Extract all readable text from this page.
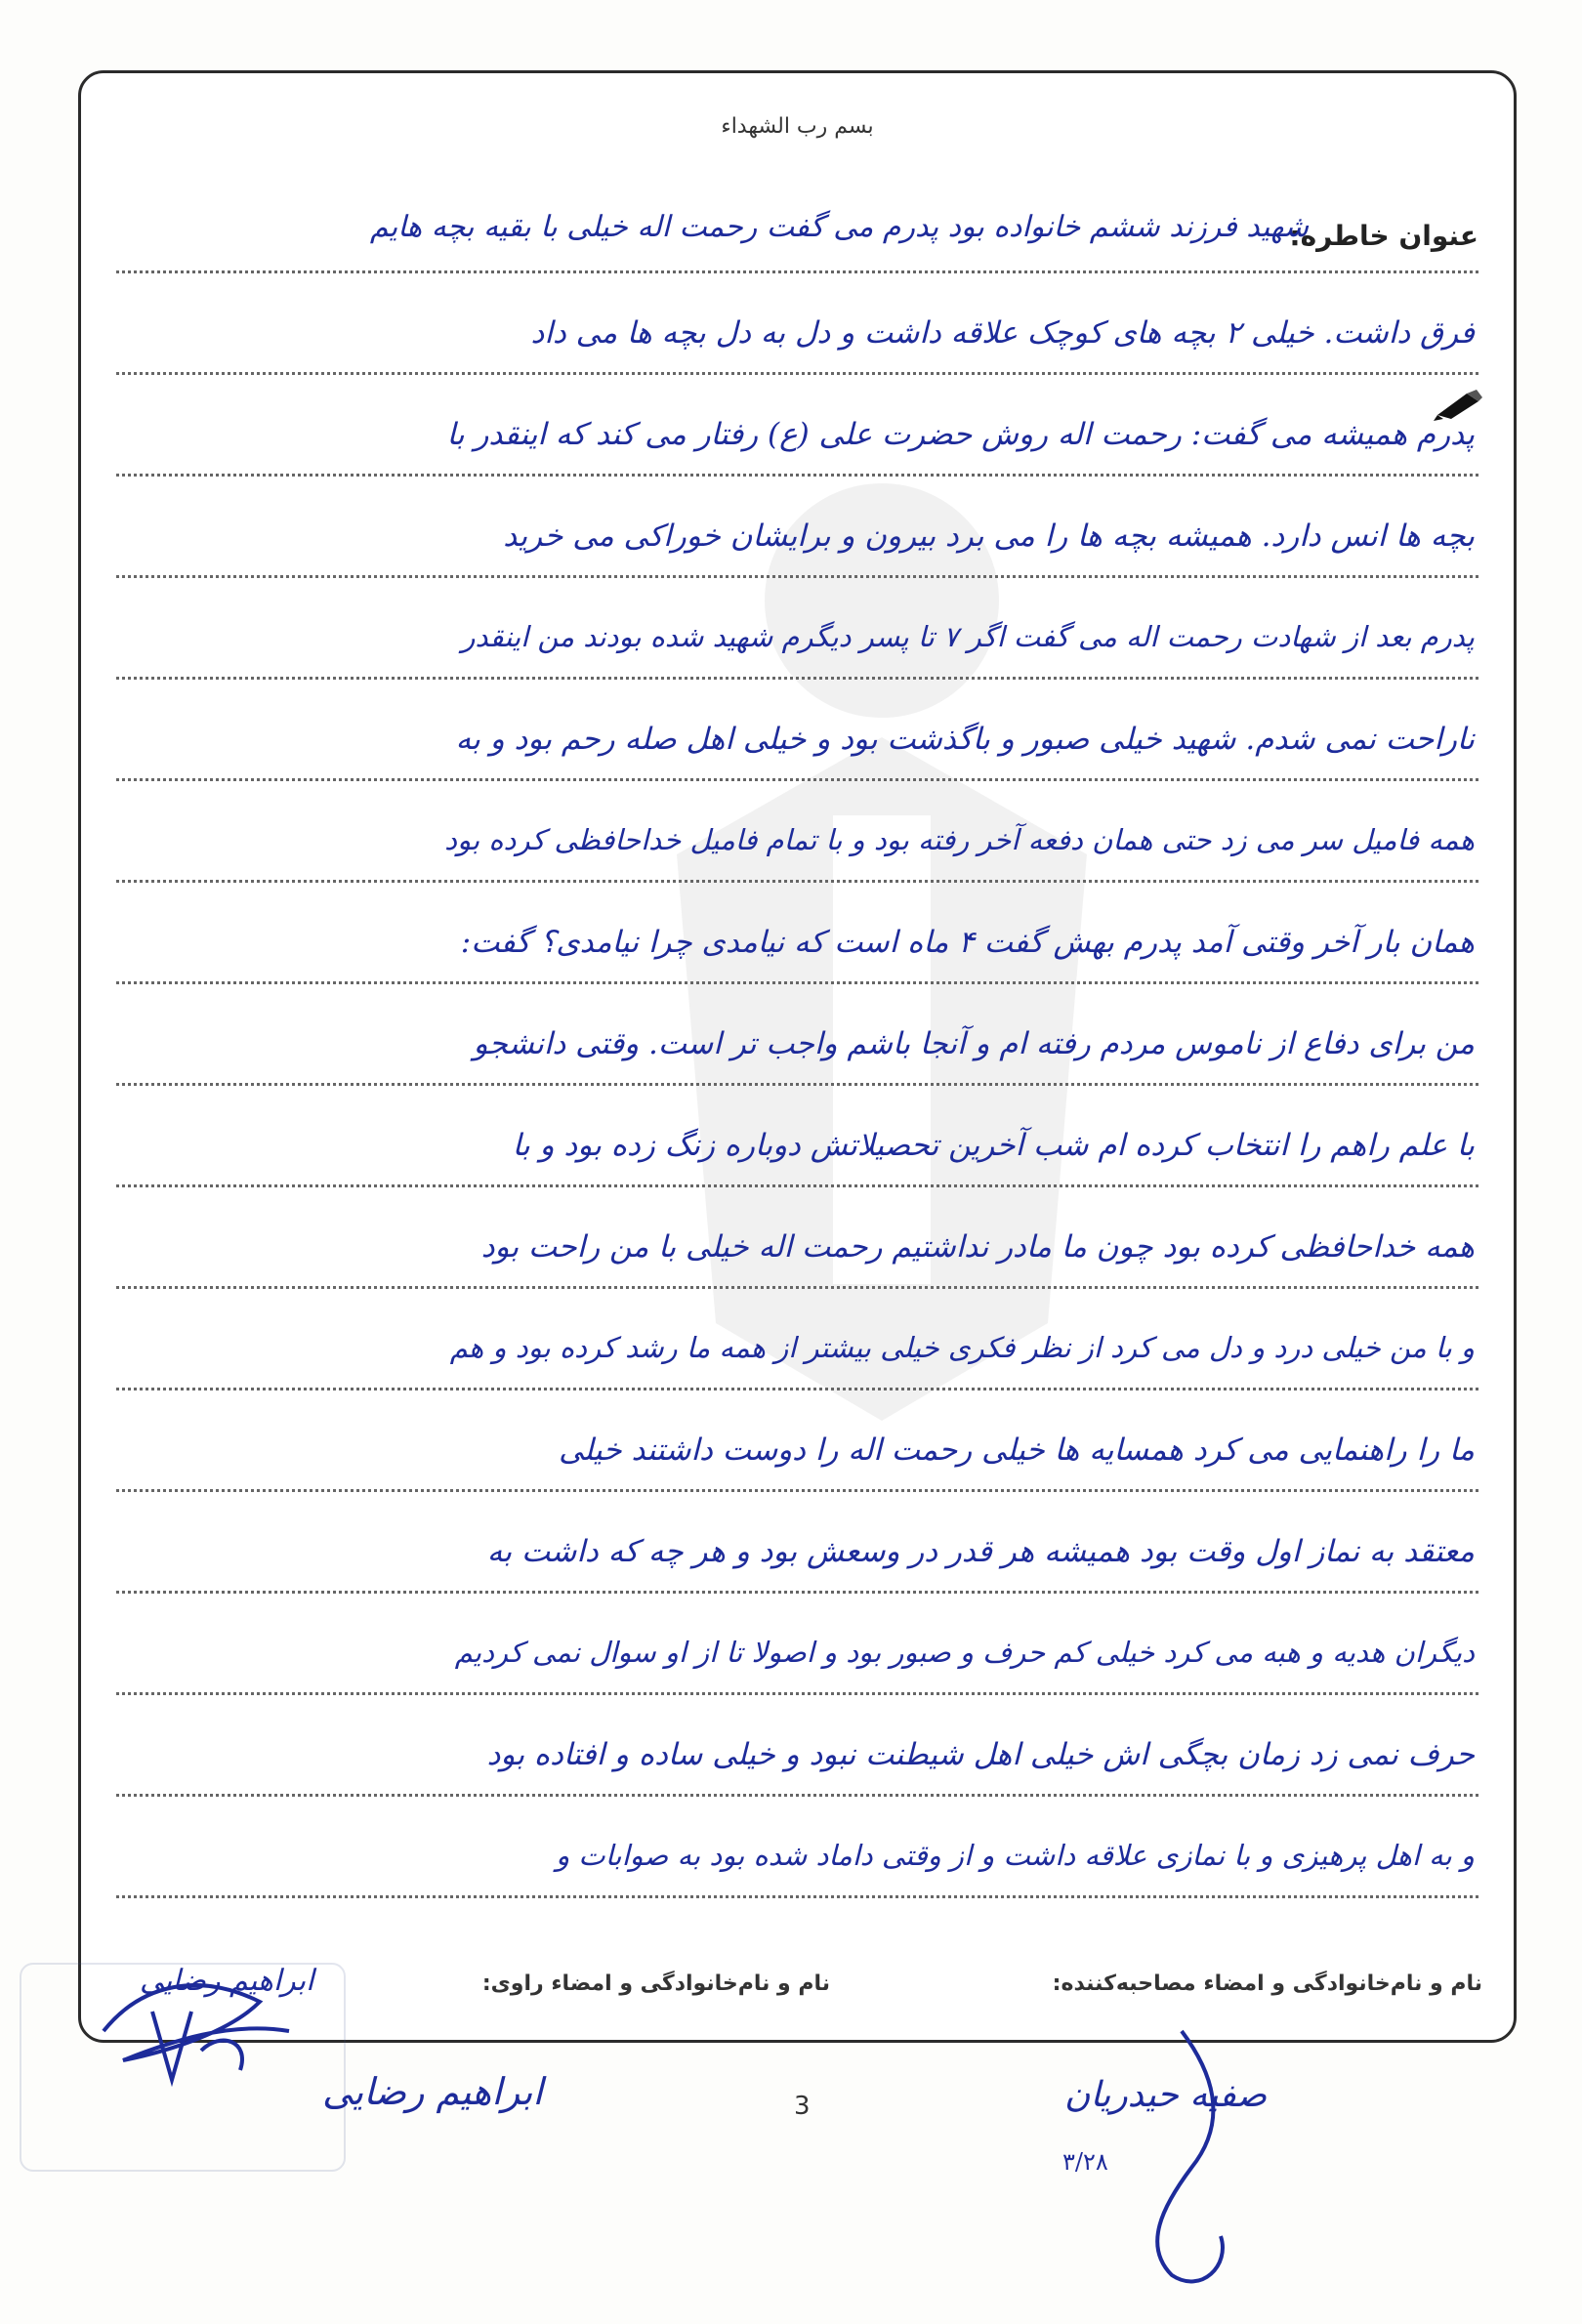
بسم رب الشهداء
عنوان خاطره:
شهید فرزند ششم خانواده بود پدرم می گفت رحمت اله خیلی با بقیه بچه هایم
فرق داشت. خیلی ۲ بچه های کوچک علاقه داشت و دل به دل بچه ها می داد
پدرم همیشه می گفت: رحمت اله روش حضرت علی (ع) رفتار می کند که اینقدر با
بچه ها انس دارد. همیشه بچه ها را می برد بیرون و برایشان خوراکی می خرید
پدرم بعد از شهادت رحمت اله می گفت اگر ۷ تا پسر دیگرم شهید شده بودند من اینقدر
ناراحت نمی شدم. شهید خیلی صبور و باگذشت بود و خیلی اهل صله رحم بود و به
همه فامیل سر می زد حتی همان دفعه آخر رفته بود و با تمام فامیل خداحافظی کرده بود
همان بار آخر وقتی آمد پدرم بهش گفت ۴ ماه است که نیامدی چرا نیامدی؟ گفت:
من برای دفاع از ناموس مردم رفته ام و آنجا باشم واجب تر است. وقتی دانشجو
با علم راهم را انتخاب کرده ام شب آخرین تحصیلاتش دوباره زنگ زده بود و با
همه خداحافظی کرده بود چون ما مادر نداشتیم رحمت اله خیلی با من راحت بود
و با من خیلی درد و دل می کرد از نظر فکری خیلی بیشتر از همه ما رشد کرده بود و هم
ما را راهنمایی می کرد همسایه ها خیلی رحمت اله را دوست داشتند خیلی
معتقد به نماز اول وقت بود همیشه هر قدر در وسعش بود و هر چه که داشت به
دیگران هدیه و هبه می کرد خیلی کم حرف و صبور بود و اصولا تا از او سوال نمی کردیم
حرف نمی زد زمان بچگی اش خیلی اهل شیطنت نبود و خیلی ساده و افتاده بود
و به اهل پرهیزی و با نمازی علاقه داشت و از وقتی داماد شده بود به صوابات و
نام و نام‌خانوادگی و امضاء مصاحبه‌کننده:
نام و نام‌خانوادگی و امضاء راوی:
ابراهیم رضایی
ابراهیم رضایی	3	صفیه حیدریان
۳/۲۸
